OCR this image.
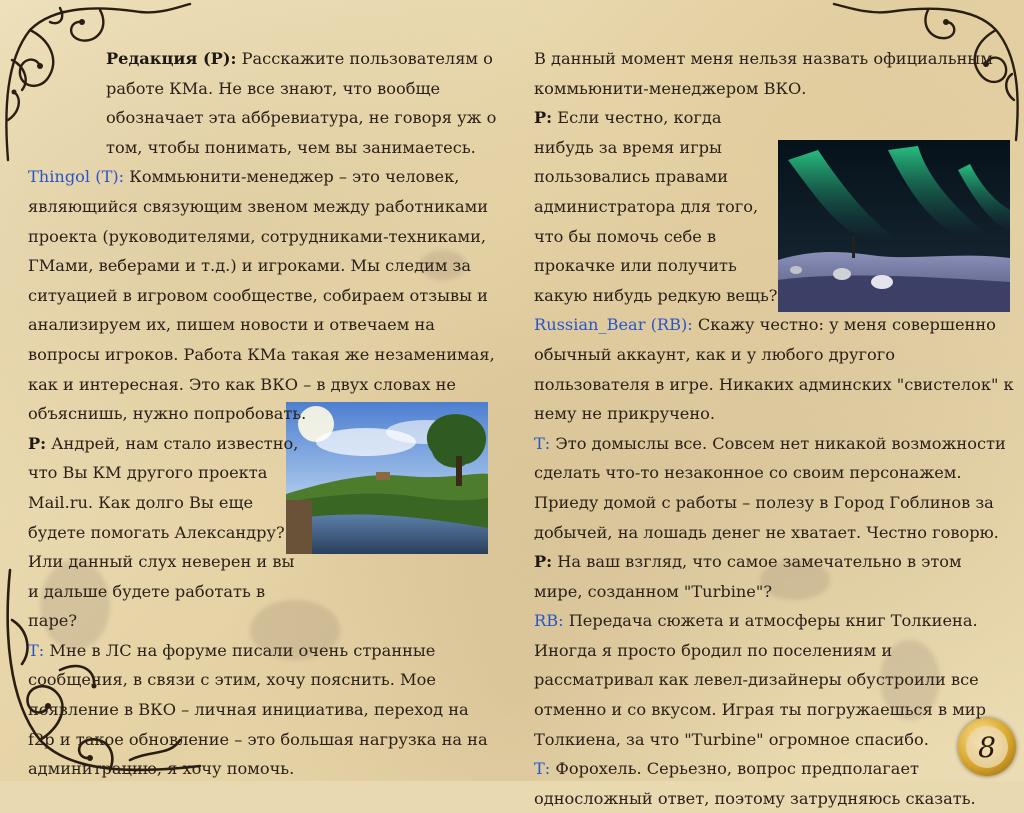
Редакция (Р): Расскажите пользователям о работе КМа. Не все знают, что вообще обозначает эта аббревиатура, не говоря уж о том, чтобы понимать, чем вы занимаетесь.

Thingol (Т): Коммьюнити-менеджер – это человек, являющийся связующим звеном между работниками проекта (руководителями, сотрудниками-техниками, ГМами, веберами и т.д.) и игроками. Мы следим за ситуацией в игровом сообществе, собираем отзывы и анализируем их, пишем новости и отвечаем на вопросы игроков. Работа КМа такая же незаменимая, как и интересная. Это как ВКО – в двух словах не объяснишь, нужно попробовать.

Р: Андрей, нам стало известно, что Вы КМ другого проекта Mail.ru. Как долго Вы еще будете помогать Александру? Или данный слух неверен и вы и дальше будете работать в паре?

Т: Мне в ЛС на форуме писали очень странные сообщения, в связи с этим, хочу пояснить. Мое появление в ВКО – личная инициатива, переход на f2p и такое обновление – это большая нагрузка на на админитрацию, я хочу помочь.

В данный момент меня нельзя назвать официальным коммьюнити-менеджером ВКО.

Р: Если честно, когда нибудь за время игры пользовались правами администратора для того, что бы помочь себе в прокачке или получить какую нибудь редкую вещь?

Russian_Bear (RB): Скажу честно: у меня совершенно обычный аккаунт, как и у любого другого пользователя в игре. Никаких админских "свистелок" к нему не прикручено.

Т: Это домыслы все. Совсем нет никакой возможности сделать что-то незаконное со своим персонажем. Приеду домой с работы – полезу в Город Гоблинов за добычей, на лошадь денег не хватает. Честно говорю.

Р: На ваш взгляд, что самое замечательно в этом мире, созданном "Turbine"?

RB: Передача сюжета и атмосферы книг Толкиена. Иногда я просто бродил по поселениям и рассматривал как левел-дизайнеры обустроили все отменно и со вкусом. Играя ты погружаешься в мир Толкиена, за что "Turbine" огромное спасибо.

Т: Форохель. Серьезно, вопрос предполагает односложный ответ, поэтому затрудняюсь сказать.

8
